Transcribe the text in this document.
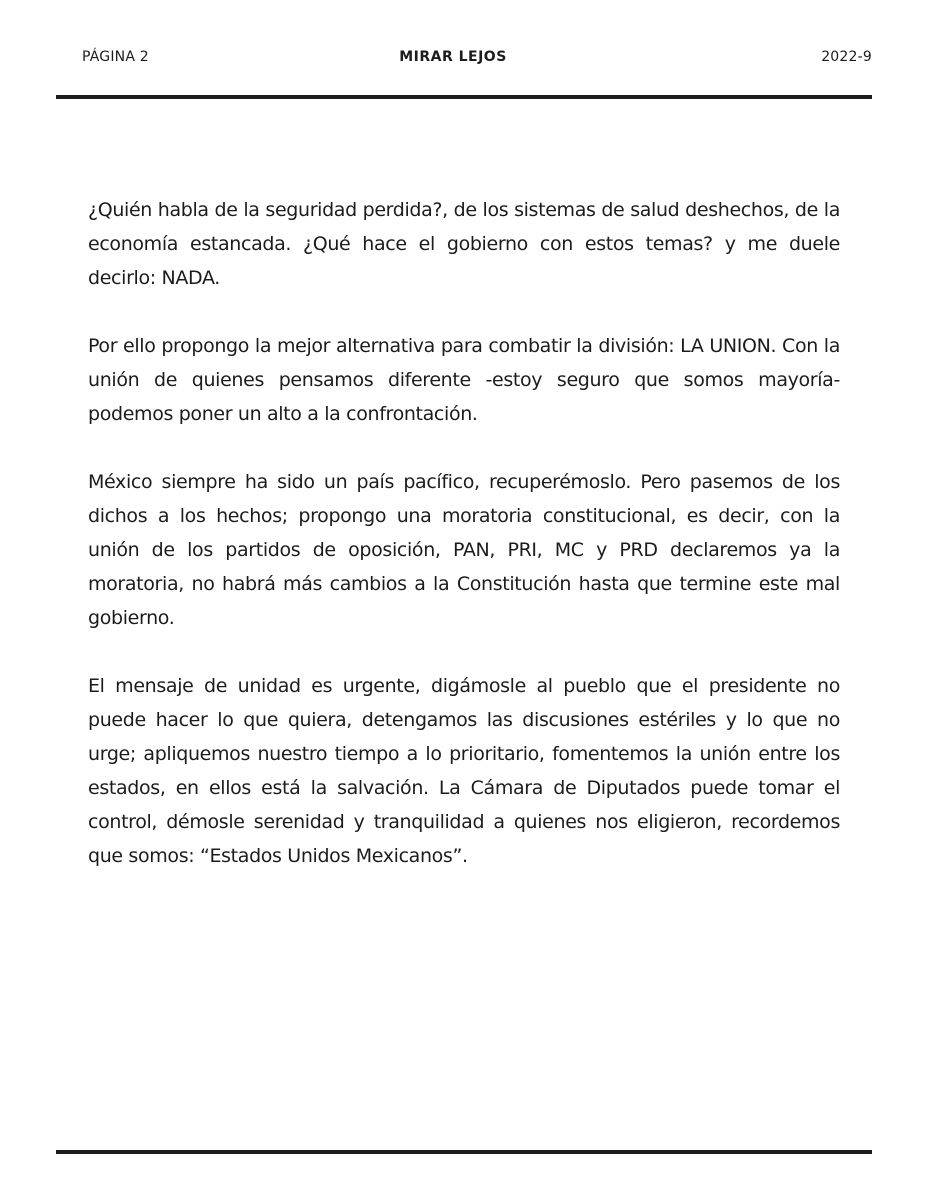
PÁGINA 2	MIRAR LEJOS	2022-9

¿Quién habla de la seguridad perdida?, de los sistemas de salud deshechos, de la economía estancada. ¿Qué hace el gobierno con estos temas? y me duele decirlo: NADA.

Por ello propongo la mejor alternativa para combatir la división: LA UNION. Con la unión de quienes pensamos diferente -estoy seguro que somos mayoría- podemos poner un alto a la confrontación.

México siempre ha sido un país pacífico, recuperémoslo. Pero pasemos de los dichos a los hechos; propongo una moratoria constitucional, es decir, con la unión de los partidos de oposición, PAN, PRI, MC y PRD declaremos ya la moratoria, no habrá más cambios a la Constitución hasta que termine este mal gobierno.

El mensaje de unidad es urgente, digámosle al pueblo que el presidente no puede hacer lo que quiera, detengamos las discusiones estériles y lo que no urge; apliquemos nuestro tiempo a lo prioritario, fomentemos la unión entre los estados, en ellos está la salvación. La Cámara de Diputados puede tomar el control, démosle serenidad y tranquilidad a quienes nos eligieron, recordemos que somos: “Estados Unidos Mexicanos”.
